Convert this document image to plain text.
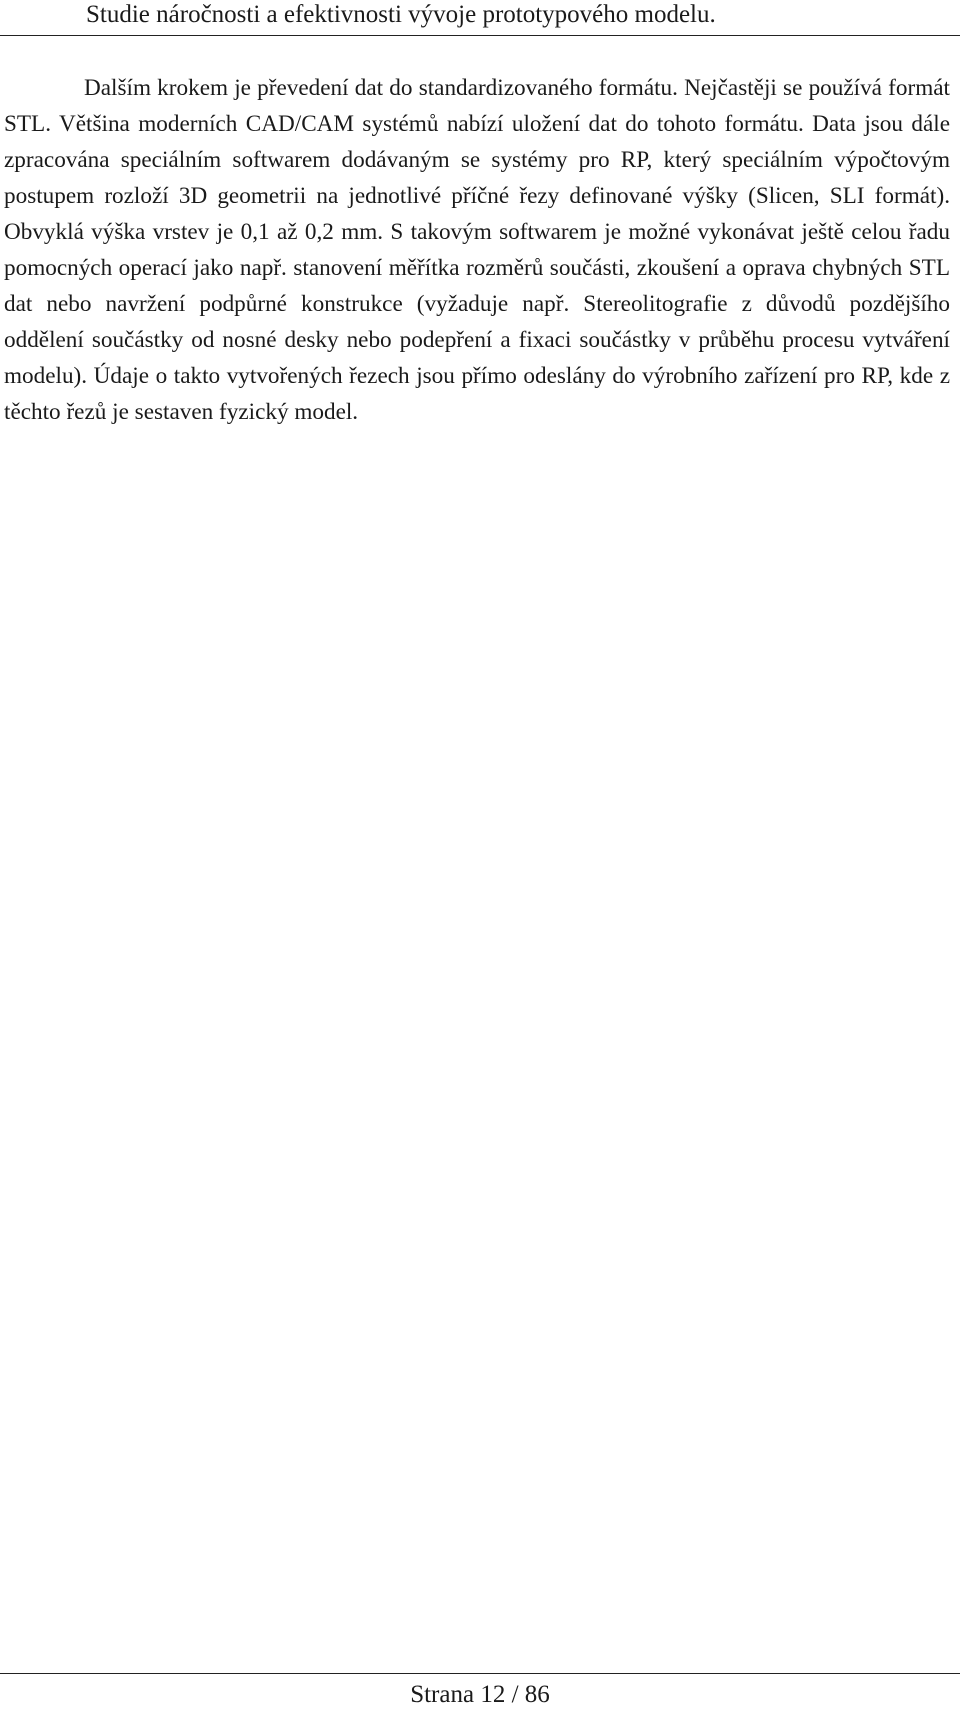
Studie náročnosti a efektivnosti vývoje prototypového modelu.

Dalším krokem je převedení dat do standardizovaného formátu. Nejčastěji se používá formát STL. Většina moderních CAD/CAM systémů nabízí uložení dat do tohoto formátu. Data jsou dále zpracována speciálním softwarem dodávaným se systémy pro RP, který speciálním výpočtovým postupem rozloží 3D geometrii na jednotlivé příčné řezy definované výšky (Slicen, SLI formát). Obvyklá výška vrstev je 0,1 až 0,2 mm. S takovým softwarem je možné vykonávat ještě celou řadu pomocných operací jako např. stanovení měřítka rozměrů součásti, zkoušení a oprava chybných STL dat nebo navržení podpůrné konstrukce (vyžaduje např. Stereolitografie z důvodů pozdějšího oddělení součástky od nosné desky nebo podepření a fixaci součástky v průběhu procesu vytváření modelu). Údaje o takto vytvořených řezech jsou přímo odeslány do výrobního zařízení pro RP, kde z těchto řezů je sestaven fyzický model.

Strana 12 / 86
